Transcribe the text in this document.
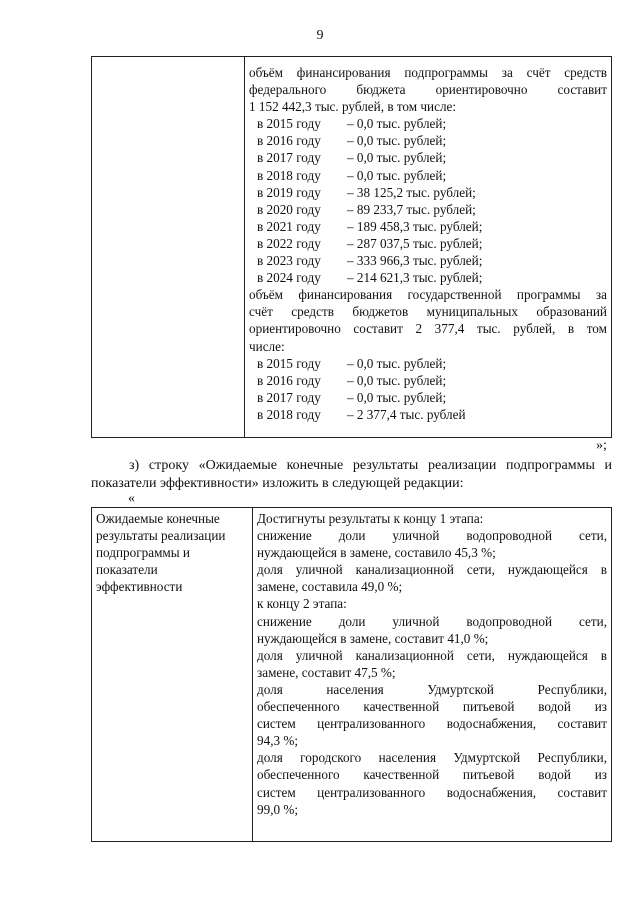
9
объём финансирования подпрограммы за счёт средств
федерального бюджета ориентировочно составит
1 152 442,3 тыс. рублей, в том числе:
в 2015 году – 0,0 тыс. рублей;
в 2016 году – 0,0 тыс. рублей;
в 2017 году – 0,0 тыс. рублей;
в 2018 году – 0,0 тыс. рублей;
в 2019 году – 38 125,2 тыс. рублей;
в 2020 году – 89 233,7 тыс. рублей;
в 2021 году – 189 458,3 тыс. рублей;
в 2022 году – 287 037,5 тыс. рублей;
в 2023 году – 333 966,3 тыс. рублей;
в 2024 году – 214 621,3 тыс. рублей;
объём финансирования государственной программы за
счёт средств бюджетов муниципальных образований
ориентировочно составит 2 377,4 тыс. рублей, в том
числе:
в 2015 году – 0,0 тыс. рублей;
в 2016 году – 0,0 тыс. рублей;
в 2017 году – 0,0 тыс. рублей;
в 2018 году – 2 377,4 тыс. рублей
»;
з) строку «Ожидаемые конечные результаты реализации подпрограммы и
показатели эффективности» изложить в следующей редакции:
«
Ожидаемые конечные
результаты реализации
подпрограммы и
показатели
эффективности
Достигнуты результаты к концу 1 этапа:
снижение доли уличной водопроводной сети,
нуждающейся в замене, составило 45,3 %;
доля уличной канализационной сети, нуждающейся в
замене, составила 49,0 %;
к концу 2 этапа:
снижение доли уличной водопроводной сети,
нуждающейся в замене, составит 41,0 %;
доля уличной канализационной сети, нуждающейся в
замене, составит 47,5 %;
доля населения Удмуртской Республики,
обеспеченного качественной питьевой водой из
систем централизованного водоснабжения, составит
94,3 %;
доля городского населения Удмуртской Республики,
обеспеченного качественной питьевой водой из
систем централизованного водоснабжения, составит
99,0 %;
